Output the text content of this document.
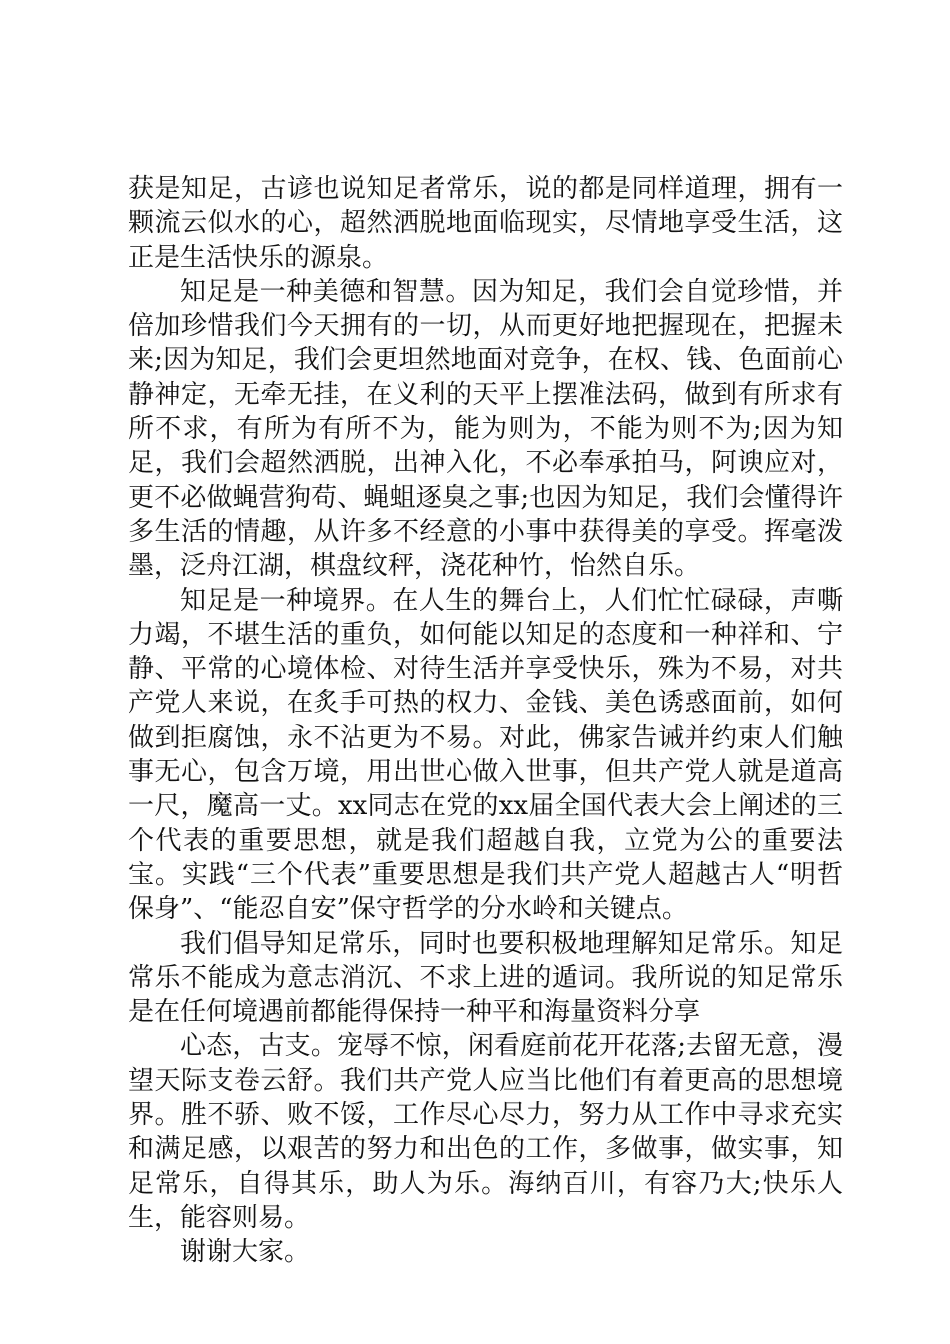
获是知足，古谚也说知足者常乐，说的都是同样道理，拥有一颗流云似水的心，超然洒脱地面临现实，尽情地享受生活，这正是生活快乐的源泉。

知足是一种美德和智慧。因为知足，我们会自觉珍惜，并倍加珍惜我们今天拥有的一切，从而更好地把握现在，把握未来;因为知足，我们会更坦然地面对竞争，在权、钱、色面前心静神定，无牵无挂，在义利的天平上摆准法码，做到有所求有所不求，有所为有所不为，能为则为，不能为则不为;因为知足，我们会超然洒脱，出神入化，不必奉承拍马，阿谀应对，更不必做蝇营狗苟、蝇蛆逐臭之事;也因为知足，我们会懂得许多生活的情趣，从许多不经意的小事中获得美的享受。挥毫泼墨，泛舟江湖，棋盘纹秤，浇花种竹，怡然自乐。

知足是一种境界。在人生的舞台上，人们忙忙碌碌，声嘶力竭，不堪生活的重负，如何能以知足的态度和一种祥和、宁静、平常的心境体检、对待生活并享受快乐，殊为不易，对共产党人来说，在炙手可热的权力、金钱、美色诱惑面前，如何做到拒腐蚀，永不沾更为不易。对此，佛家告诫并约束人们触事无心，包含万境，用出世心做入世事，但共产党人就是道高一尺，魔高一丈。xx同志在党的xx届全国代表大会上阐述的三个代表的重要思想，就是我们超越自我，立党为公的重要法宝。实践“三个代表”重要思想是我们共产党人超越古人“明哲保身”、“能忍自安”保守哲学的分水岭和关键点。

我们倡导知足常乐，同时也要积极地理解知足常乐。知足常乐不能成为意志消沉、不求上进的遁词。我所说的知足常乐是在任何境遇前都能得保持一种平和海量资料分享

心态，古支。宠辱不惊，闲看庭前花开花落;去留无意，漫望天际支卷云舒。我们共产党人应当比他们有着更高的思想境界。胜不骄、败不馁，工作尽心尽力，努力从工作中寻求充实和满足感，以艰苦的努力和出色的工作，多做事，做实事，知足常乐，自得其乐，助人为乐。海纳百川，有容乃大;快乐人生，能容则易。

谢谢大家。
